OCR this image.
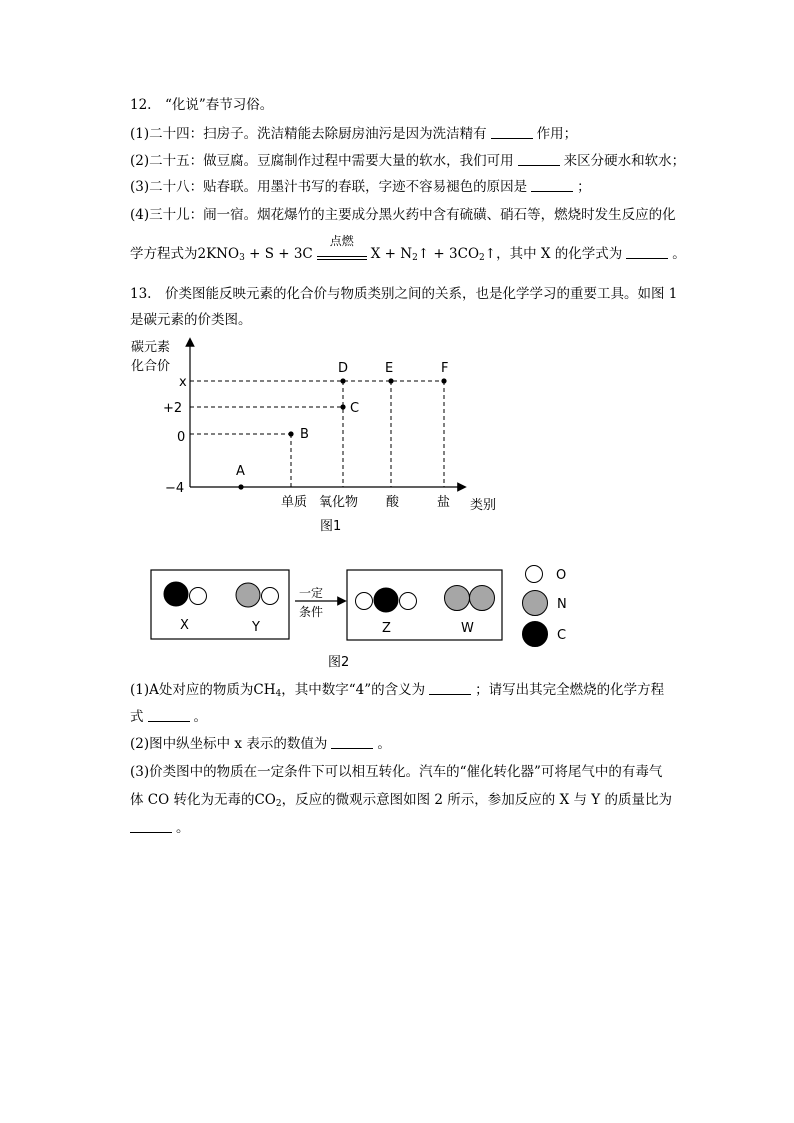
12.　“化说”春节习俗。
(1)二十四：扫房子。洗洁精能去除厨房油污是因为洗洁精有	作用；
(2)二十五：做豆腐。豆腐制作过程中需要大量的软水，我们可用	来区分硬水和软水；
(3)二十八：贴春联。用墨汁书写的春联，字迹不容易褪色的原因是	；
(4)三十儿：闹一宿。烟花爆竹的主要成分黑火药中含有硫磺、硝石等，燃烧时发生反应的化
学方程式为$2KNO_3 + S + 3C$
点燃
$X + N_2↑$ + $3CO_2↑$，其中 X 的化学式为	。
13.　价类图能反映元素的化合价与物质类别之间的关系，也是化学学习的重要工具。如图 1
是碳元素的价类图。
碳元素
化合价
x
+2
0
−4
A
B
C
D	E	F
单质 氧化物 酸	盐 类别
图1
X	Y
一定
条件
Z	W
O
N
C
图2
(1)A处对应的物质为$CH_4$，其中数字“4”的含义为	；请写出其完全燃烧的化学方程
式	。
(2)图中纵坐标中 x 表示的数值为	。
(3)价类图中的物质在一定条件下可以相互转化。汽车的“催化转化器”可将尾气中的有毒气
体 CO 转化为无毒的$CO_2$，反应的微观示意图如图 2 所示，参加反应的 X 与 Y 的质量比为
。
